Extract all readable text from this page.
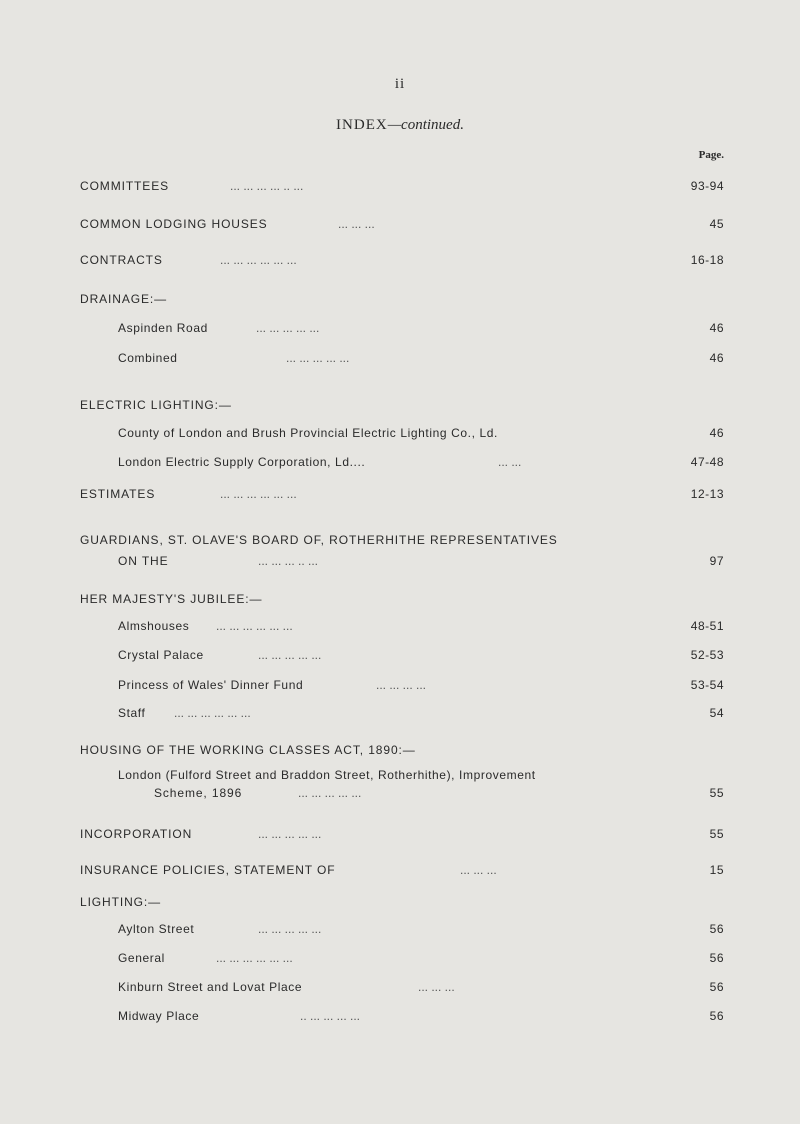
ii
INDEX—continued.
Page.
COMMITTEES	... ... ... ... .. ...	93-94
COMMON LODGING HOUSES	... ... ...	45
CONTRACTS	... ... ... ... ... ...	16-18
DRAINAGE:—
Aspinden Road	... ... ... ... ...	46
Combined	... ... ... ... ...	46
ELECTRIC LIGHTING:—
County of London and Brush Provincial Electric Lighting Co., Ld.	46
London Electric Supply Corporation, Ld....	... ...	47-48
ESTIMATES	... ... ... ... ... ...	12-13
GUARDIANS, ST. OLAVE'S BOARD OF, ROTHERHITHE REPRESENTATIVES
ON THE	... ... ... .. ...	97
HER MAJESTY'S JUBILEE:—
Almshouses ... ... ... ... ... ...	48-51
Crystal Palace	... ... ... ... ...	52-53
Princess of Wales' Dinner Fund	... ... ... ...	53-54
Staff ... ... ... ... ... ...	54
HOUSING OF THE WORKING CLASSES ACT, 1890:—
London (Fulford Street and Braddon Street, Rotherhithe), Improvement
Scheme, 1896	... ... ... ... ...	55
INCORPORATION	... ... ... ... ...	55
INSURANCE POLICIES, STATEMENT OF	... ... ...	15
LIGHTING:—
Aylton Street	... ... ... ... ...	56
General	... ... ... ... ... ...	56
Kinburn Street and Lovat Place	... ... ...	56
Midway Place	.. ... ... ... ...	56
